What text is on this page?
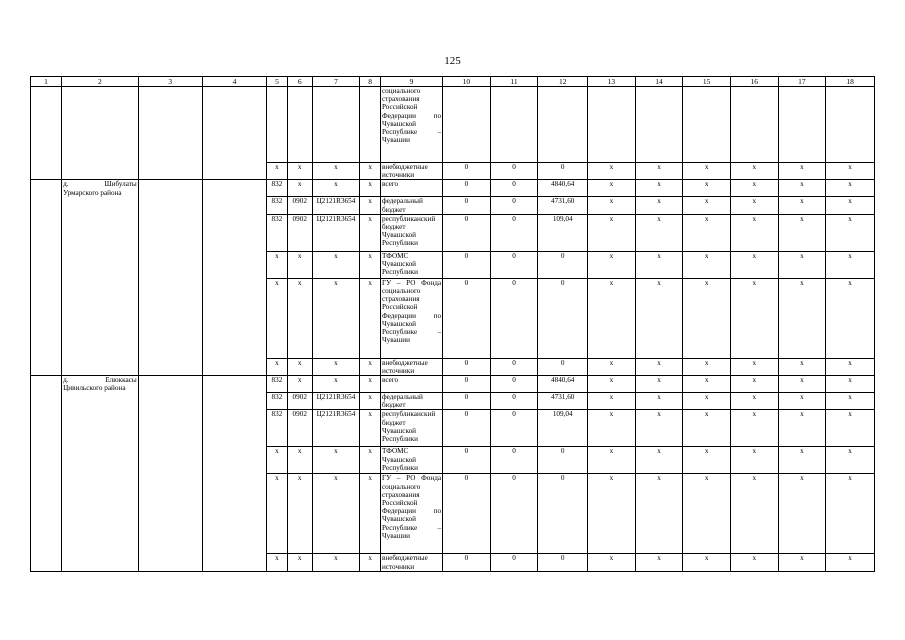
125
1	2	3	4	5	6	7	8	9	10	11	12	13	14	15	16	17	18
								социального страхования Российской Федерации по Чувашской Республике – Чувашии									
				x	x	x	x	внебюджетные источники	0	0	0	x	x	x	x	x	x
	д. Шибулаты Урмарского района			832	x	x	x	всего	0	0	4840,64	x	x	x	x	x	x
				832	0902	Ц2121R3654	x	федеральный бюджет	0	0	4731,60	x	x	x	x	x	x
				832	0902	Ц2121R3654	x	республиканский бюджет Чувашской Республики	0	0	109,04	x	x	x	x	x	x
				x	x	x	x	ТФОМС Чувашской Республики	0	0	0	x	x	x	x	x	x
				x	x	x	x	ГУ – РО Фонда социального страхования Российской Федерации по Чувашской Республике – Чувашии	0	0	0	x	x	x	x	x	x
				x	x	x	x	внебюджетные источники	0	0	0	x	x	x	x	x	x
	д. Елюккасы Цивильского района			832	x	x	x	всего	0	0	4840,64	x	x	x	x	x	x
				832	0902	Ц2121R3654	x	федеральный бюджет	0	0	4731,60	x	x	x	x	x	x
				832	0902	Ц2121R3654	x	республиканский бюджет Чувашской Республики	0	0	109,04	x	x	x	x	x	x
				x	x	x	x	ТФОМС Чувашской Республики	0	0	0	x	x	x	x	x	x
				x	x	x	x	ГУ – РО Фонда социального страхования Российской Федерации по Чувашской Республике – Чувашии	0	0	0	x	x	x	x	x	x
				x	x	x	x	внебюджетные источники	0	0	0	x	x	x	x	x	x
